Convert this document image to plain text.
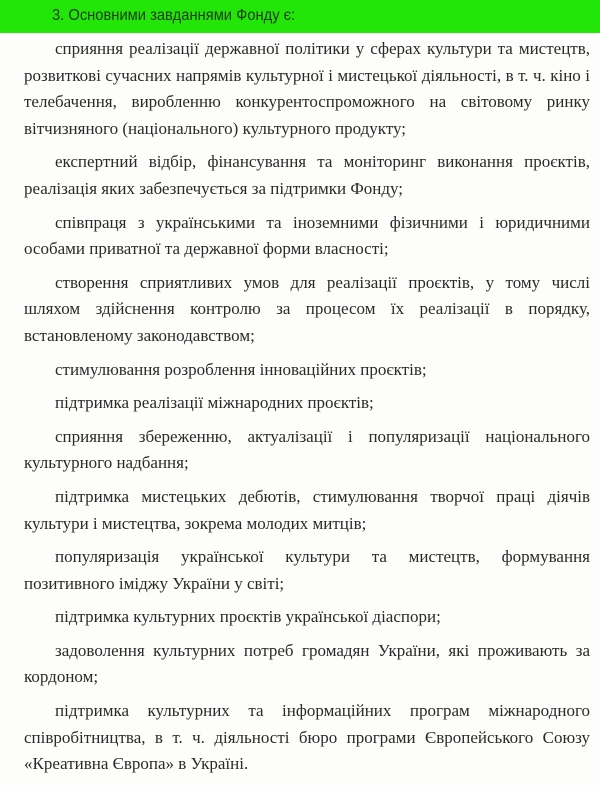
3. Основними завданнями Фонду є:

сприяння реалізації державної політики у сферах культури та мистецтв, розвиткові сучасних напрямів культурної і мистецької діяльності, в т. ч. кіно і телебачення, виробленню конкурентоспроможного на світовому ринку вітчизняного (національного) культурного продукту;

експертний відбір, фінансування та моніторинг виконання проєктів, реалізація яких забезпечується за підтримки Фонду;

співпраця з українськими та іноземними фізичними і юридичними особами приватної та державної форми власності;

створення сприятливих умов для реалізації проєктів, у тому числі шляхом здійснення контролю за процесом їх реалізації в порядку, встановленому законодавством;

стимулювання розроблення інноваційних проєктів;

підтримка реалізації міжнародних проєктів;

сприяння збереженню, актуалізації і популяризації національного культурного надбання;

підтримка мистецьких дебютів, стимулювання творчої праці діячів культури і мистецтва, зокрема молодих митців;

популяризація української культури та мистецтв, формування позитивного іміджу України у світі;

підтримка культурних проєктів української діаспори;

задоволення культурних потреб громадян України, які проживають за кордоном;

підтримка культурних та інформаційних програм міжнародного співробітництва, в т. ч. діяльності бюро програми Європейського Союзу «Креативна Європа» в Україні.
